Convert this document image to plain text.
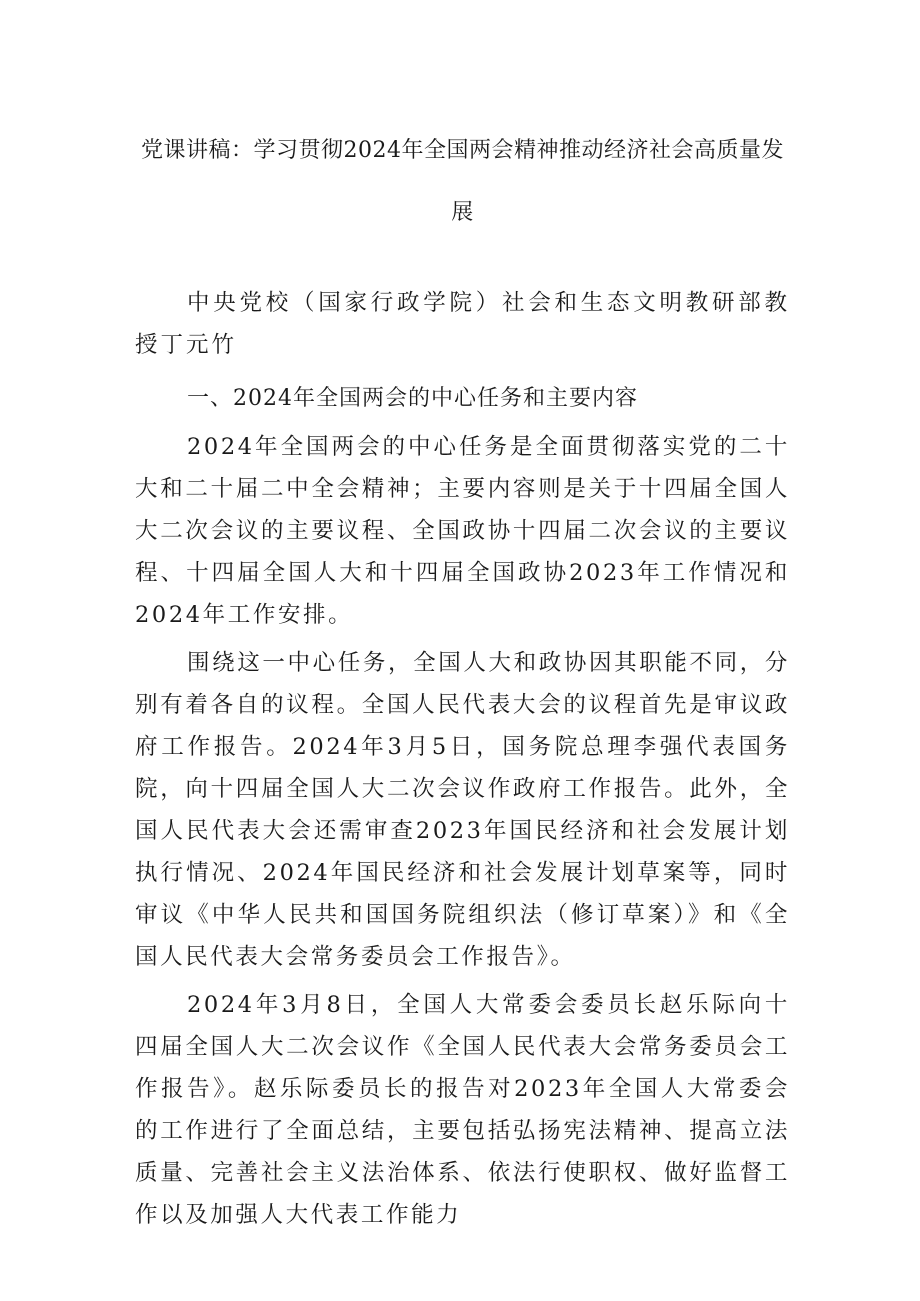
党课讲稿：学习贯彻2024年全国两会精神推动经济社会高质量发展

中央党校（国家行政学院）社会和生态文明教研部教授丁元竹

一、2024年全国两会的中心任务和主要内容

2024年全国两会的中心任务是全面贯彻落实党的二十大和二十届二中全会精神；主要内容则是关于十四届全国人大二次会议的主要议程、全国政协十四届二次会议的主要议程、十四届全国人大和十四届全国政协2023年工作情况和2024年工作安排。

围绕这一中心任务，全国人大和政协因其职能不同，分别有着各自的议程。全国人民代表大会的议程首先是审议政府工作报告。2024年3月5日，国务院总理李强代表国务院，向十四届全国人大二次会议作政府工作报告。此外，全国人民代表大会还需审查2023年国民经济和社会发展计划执行情况、2024年国民经济和社会发展计划草案等，同时审议《中华人民共和国国务院组织法（修订草案）》和《全国人民代表大会常务委员会工作报告》。

2024年3月8日，全国人大常委会委员长赵乐际向十四届全国人大二次会议作《全国人民代表大会常务委员会工作报告》。赵乐际委员长的报告对2023年全国人大常委会的工作进行了全面总结，主要包括弘扬宪法精神、提高立法质量、完善社会主义法治体系、依法行使职权、做好监督工作以及加强人大代表工作能力
